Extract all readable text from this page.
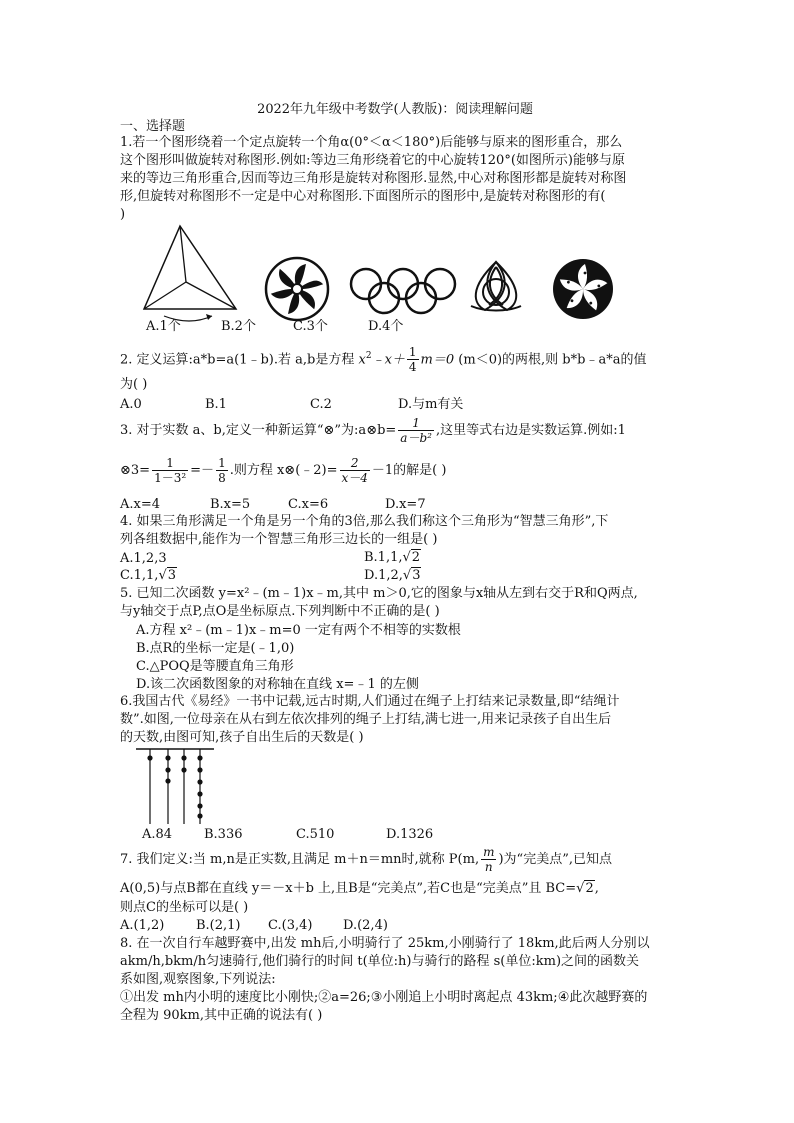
2022年九年级中考数学(人教版)：阅读理解问题
一、选择题
1.若一个图形绕着一个定点旋转一个角α(0°＜α＜180°)后能够与原来的图形重合，那么
这个图形叫做旋转对称图形.例如:等边三角形绕着它的中心旋转120°(如图所示)能够与原
来的等边三角形重合,因而等边三角形是旋转对称图形.显然,中心对称图形都是旋转对称图
形,但旋转对称图形不一定是中心对称图形.下面图所示的图形中,是旋转对称图形的有(
)
A.1个	B.2个	C.3个	D.4个
2. 定义运算:a*b=a(1﹣b).若 a,b是方程 $x^2﹣x+ \frac{1}{4} m=0$ (m＜0)的两根,则 b*b﹣a*a的值
为( )
A.0	B.1	C.2	D.与m有关
3. 对于实数 a、b,定义一种新运算“⊗”为:a⊗b= $\frac{1}{\text{a－b²}}$ ,这里等式右边是实数运算.例如:1
⊗3= $\frac{1}{\text{1－3²}} =- \frac{1}{8}$ .则方程 x⊗(﹣2)= $\frac{2}{x-4} -1$的解是( )
A.x=4	B.x=5	C.x=6	D.x=7
4. 如果三角形满足一个角是另一个角的3倍,那么我们称这个三角形为“智慧三角形”,下
列各组数据中,能作为一个智慧三角形三边长的一组是( )
A.1,2,3	B.1,1,√2
C.1,1,√3	D.1,2,√3
5. 已知二次函数 y=x²﹣(m﹣1)x﹣m,其中 m＞0,它的图象与x轴从左到右交于R和Q两点,
与y轴交于点P,点O是坐标原点.下列判断中不正确的是( )
A.方程 x²﹣(m﹣1)x﹣m=0 一定有两个不相等的实数根
B.点R的坐标一定是(﹣1,0)
C.△POQ是等腰直角三角形
D.该二次函数图象的对称轴在直线 x=﹣1 的左侧
6.我国古代《易经》一书中记载,远古时期,人们通过在绳子上打结来记录数量,即“结绳计
数”.如图,一位母亲在从右到左依次排列的绳子上打结,满七进一,用来记录孩子自出生后
的天数,由图可知,孩子自出生后的天数是( )
A.84 B.336	C.510	D.1326
7. 我们定义:当 m,n是正实数,且满足 m＋n＝mn时,就称 P(m, $\frac{m}{n}$ )为“完美点”,已知点
A(0,5)与点B都在直线 y＝－x＋b 上,且B是“完美点”,若C也是“完美点”且 BC=√2,
则点C的坐标可以是( )
A.(1,2) B.(2,1) C.(3,4) D.(2,4)
8. 在一次自行车越野赛中,出发 mh后,小明骑行了 25km,小刚骑行了 18km,此后两人分别以
akm/h,bkm/h匀速骑行,他们骑行的时间 t(单位:h)与骑行的路程 s(单位:km)之间的函数关
系如图,观察图象,下列说法:
①出发 mh内小明的速度比小刚快;②a=26;③小刚追上小明时离起点 43km;④此次越野赛的
全程为 90km,其中正确的说法有( )
